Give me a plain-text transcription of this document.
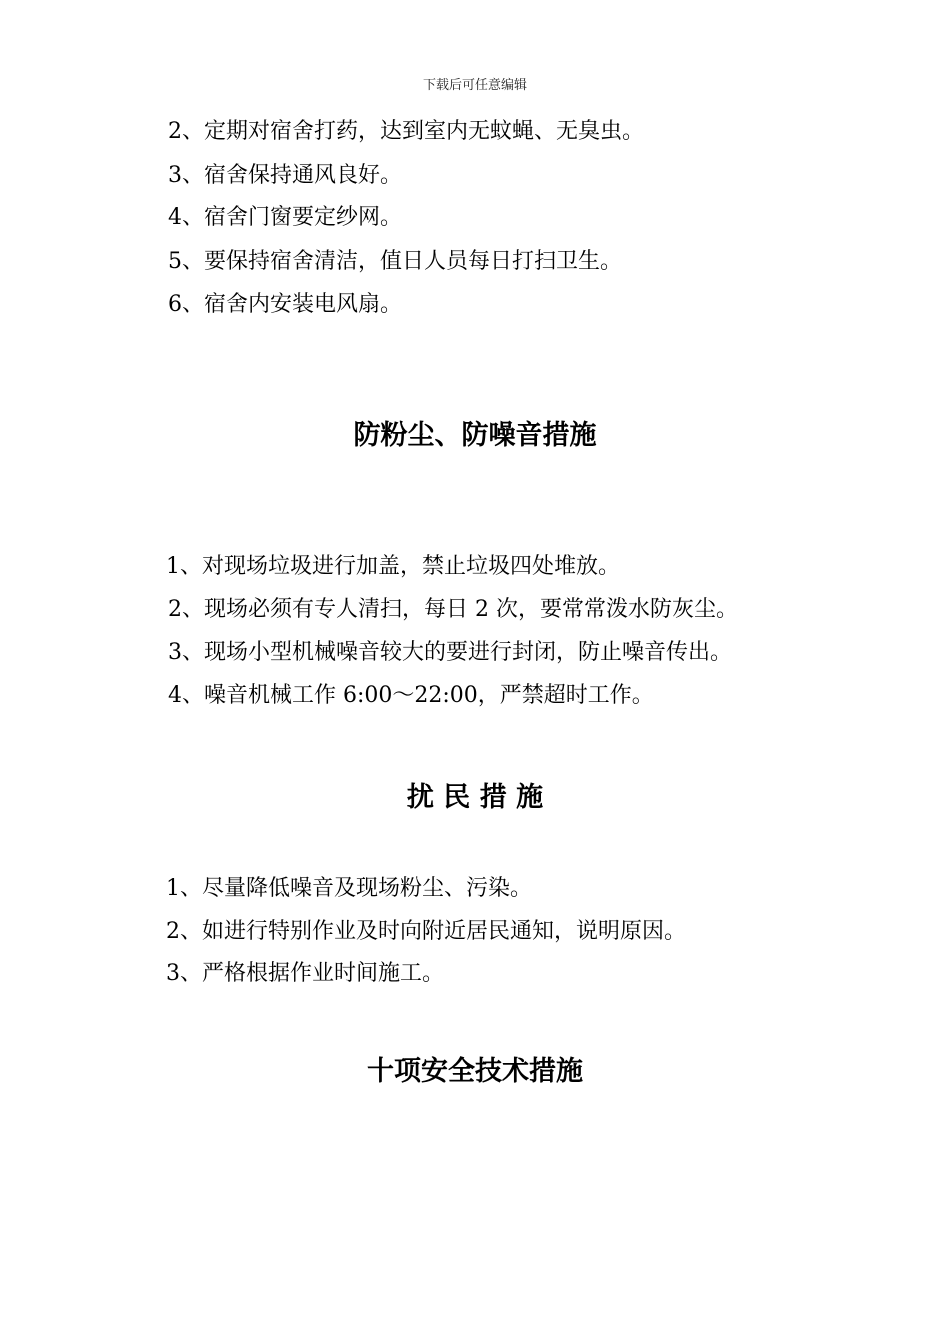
下载后可任意编辑
2、定期对宿舍打药，达到室内无蚊蝇、无臭虫。
3、宿舍保持通风良好。
4、宿舍门窗要定纱网。
5、要保持宿舍清洁，值日人员每日打扫卫生。
6、宿舍内安装电风扇。
防粉尘、防噪音措施
1、对现场垃圾进行加盖，禁止垃圾四处堆放。
2、现场必须有专人清扫，每日 2 次，要常常泼水防灰尘。
3、现场小型机械噪音较大的要进行封闭，防止噪音传出。
4、噪音机械工作 6:00～22:00，严禁超时工作。
扰 民 措 施
1、尽量降低噪音及现场粉尘、污染。
2、如进行特别作业及时向附近居民通知，说明原因。
3、严格根据作业时间施工。
十项安全技术措施
